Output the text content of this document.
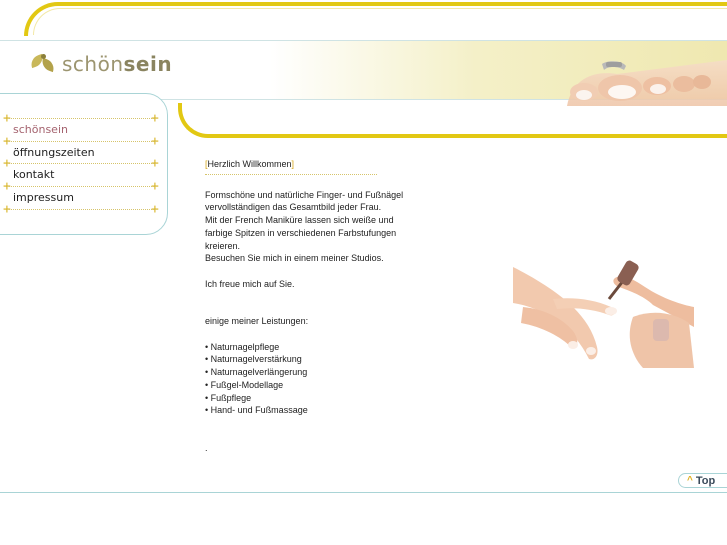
schönsein
+	+
schönsein
+	+
öffnungszeiten
+	+
kontakt
+	+
impressum
+	+
[Herzlich Willkommen]

Formschöne und natürliche Finger- und Fußnägel

vervollständigen das Gesamtbild jeder Frau.

Mit der French Maniküre lassen sich weiße und

farbige Spitzen in verschiedenen Farbstufungen

kreieren.

Besuchen Sie mich in einem meiner Studios.

Ich freue mich auf Sie.

einige meiner Leistungen:

• Naturnagelpflege
• Naturnagelverstärkung
• Naturnagelverlängerung
• Fußgel-Modellage
• Fußpflege
• Hand- und Fußmassage

.

^ Top
